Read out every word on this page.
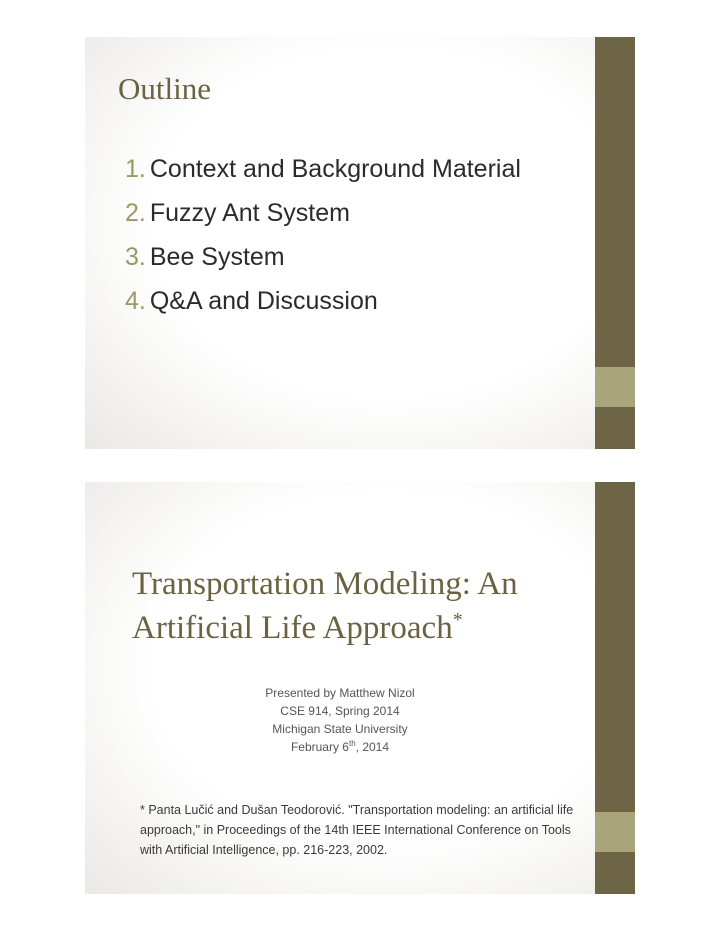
Outline
1. Context and Background Material
2. Fuzzy Ant System
3. Bee System
4. Q&A and Discussion
Transportation Modeling: An
Artificial Life Approach*
Presented by Matthew Nizol
CSE 914, Spring 2014
Michigan State University
February 6th, 2014
* Panta Lučić and Dušan Teodorović. "Transportation modeling: an artificial life approach," in Proceedings of the 14th IEEE International Conference on Tools with Artificial Intelligence, pp. 216-223, 2002.
